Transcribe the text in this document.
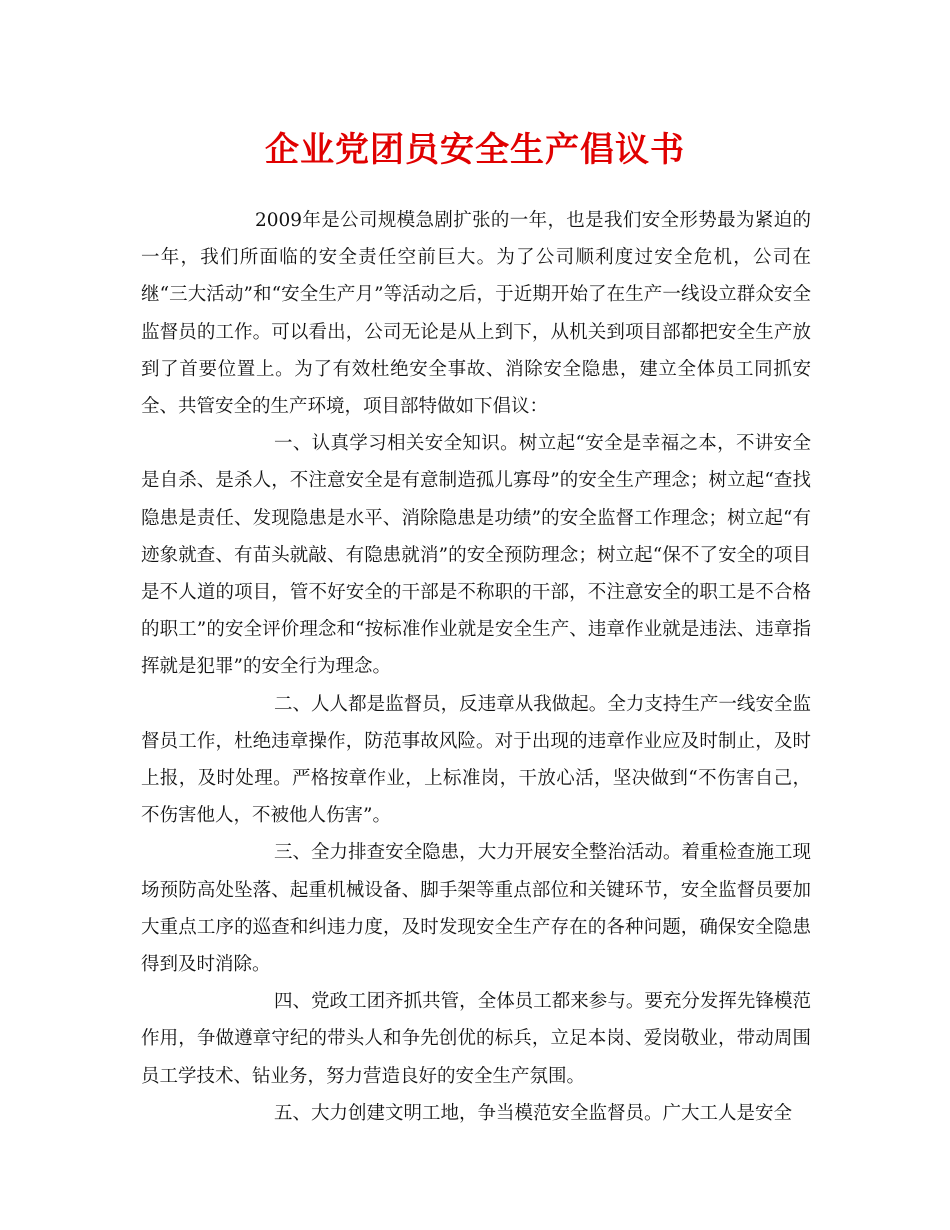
企业党团员安全生产倡议书

2009年是公司规模急剧扩张的一年，也是我们安全形势最为紧迫的一年，我们所面临的安全责任空前巨大。为了公司顺利度过安全危机，公司在继“三大活动”和“安全生产月”等活动之后，于近期开始了在生产一线设立群众安全监督员的工作。可以看出，公司无论是从上到下，从机关到项目部都把安全生产放到了首要位置上。为了有效杜绝安全事故、消除安全隐患，建立全体员工同抓安全、共管安全的生产环境，项目部特做如下倡议：

一、认真学习相关安全知识。树立起“安全是幸福之本，不讲安全是自杀、是杀人，不注意安全是有意制造孤儿寡母”的安全生产理念；树立起“查找隐患是责任、发现隐患是水平、消除隐患是功绩”的安全监督工作理念；树立起“有迹象就查、有苗头就敲、有隐患就消”的安全预防理念；树立起“保不了安全的项目是不人道的项目，管不好安全的干部是不称职的干部，不注意安全的职工是不合格的职工”的安全评价理念和“按标准作业就是安全生产、违章作业就是违法、违章指挥就是犯罪”的安全行为理念。

二、人人都是监督员，反违章从我做起。全力支持生产一线安全监督员工作，杜绝违章操作，防范事故风险。对于出现的违章作业应及时制止，及时上报，及时处理。严格按章作业，上标准岗，干放心活，坚决做到“不伤害自己，不伤害他人，不被他人伤害”。

三、全力排查安全隐患，大力开展安全整治活动。着重检查施工现场预防高处坠落、起重机械设备、脚手架等重点部位和关键环节，安全监督员要加大重点工序的巡查和纠违力度，及时发现安全生产存在的各种问题，确保安全隐患得到及时消除。

四、党政工团齐抓共管，全体员工都来参与。要充分发挥先锋模范作用，争做遵章守纪的带头人和争先创优的标兵，立足本岗、爱岗敬业，带动周围员工学技术、钻业务，努力营造良好的安全生产氛围。

五、大力创建文明工地，争当模范安全监督员。广大工人是安全
